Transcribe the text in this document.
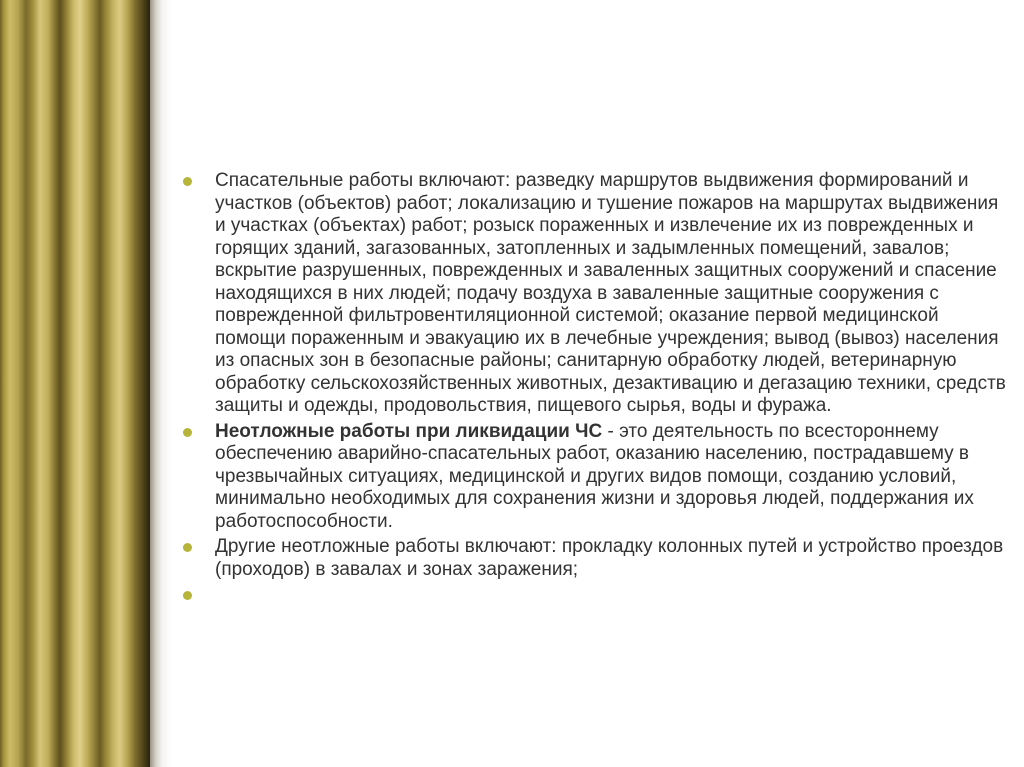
Спасательные работы включают: разведку маршрутов выдвижения формирований и участков (объектов) работ; локализацию и тушение пожаров на маршрутах выдвижения и участках (объектах) работ; розыск пораженных и извлечение их из поврежденных и горящих зданий, загазованных, затопленных и задымленных помещений, завалов; вскрытие разрушенных, поврежденных и заваленных защитных сооружений и спасение находящихся в них людей; подачу воздуха в заваленные защитные сооружения с поврежденной фильтровентиляционной системой; оказание первой медицинской помощи пораженным и эвакуацию их в лечебные учреждения; вывод (вывоз) населения из опасных зон в безопасные районы; санитарную обработку людей, ветеринарную обработку сельскохозяйственных животных, дезактивацию и дегазацию техники, средств защиты и одежды, продовольствия, пищевого сырья, воды и фуража.
Неотложные работы при ликвидации ЧС - это деятельность по всестороннему обеспечению аварийно-спасательных работ, оказанию населению, пострадавшему в чрезвычайных ситуациях, медицинской и других видов помощи, созданию условий, минимально необходимых для сохранения жизни и здоровья людей, поддержания их работоспособности.
Другие неотложные работы включают: прокладку колонных путей и устройство проездов (проходов) в завалах и зонах заражения;
